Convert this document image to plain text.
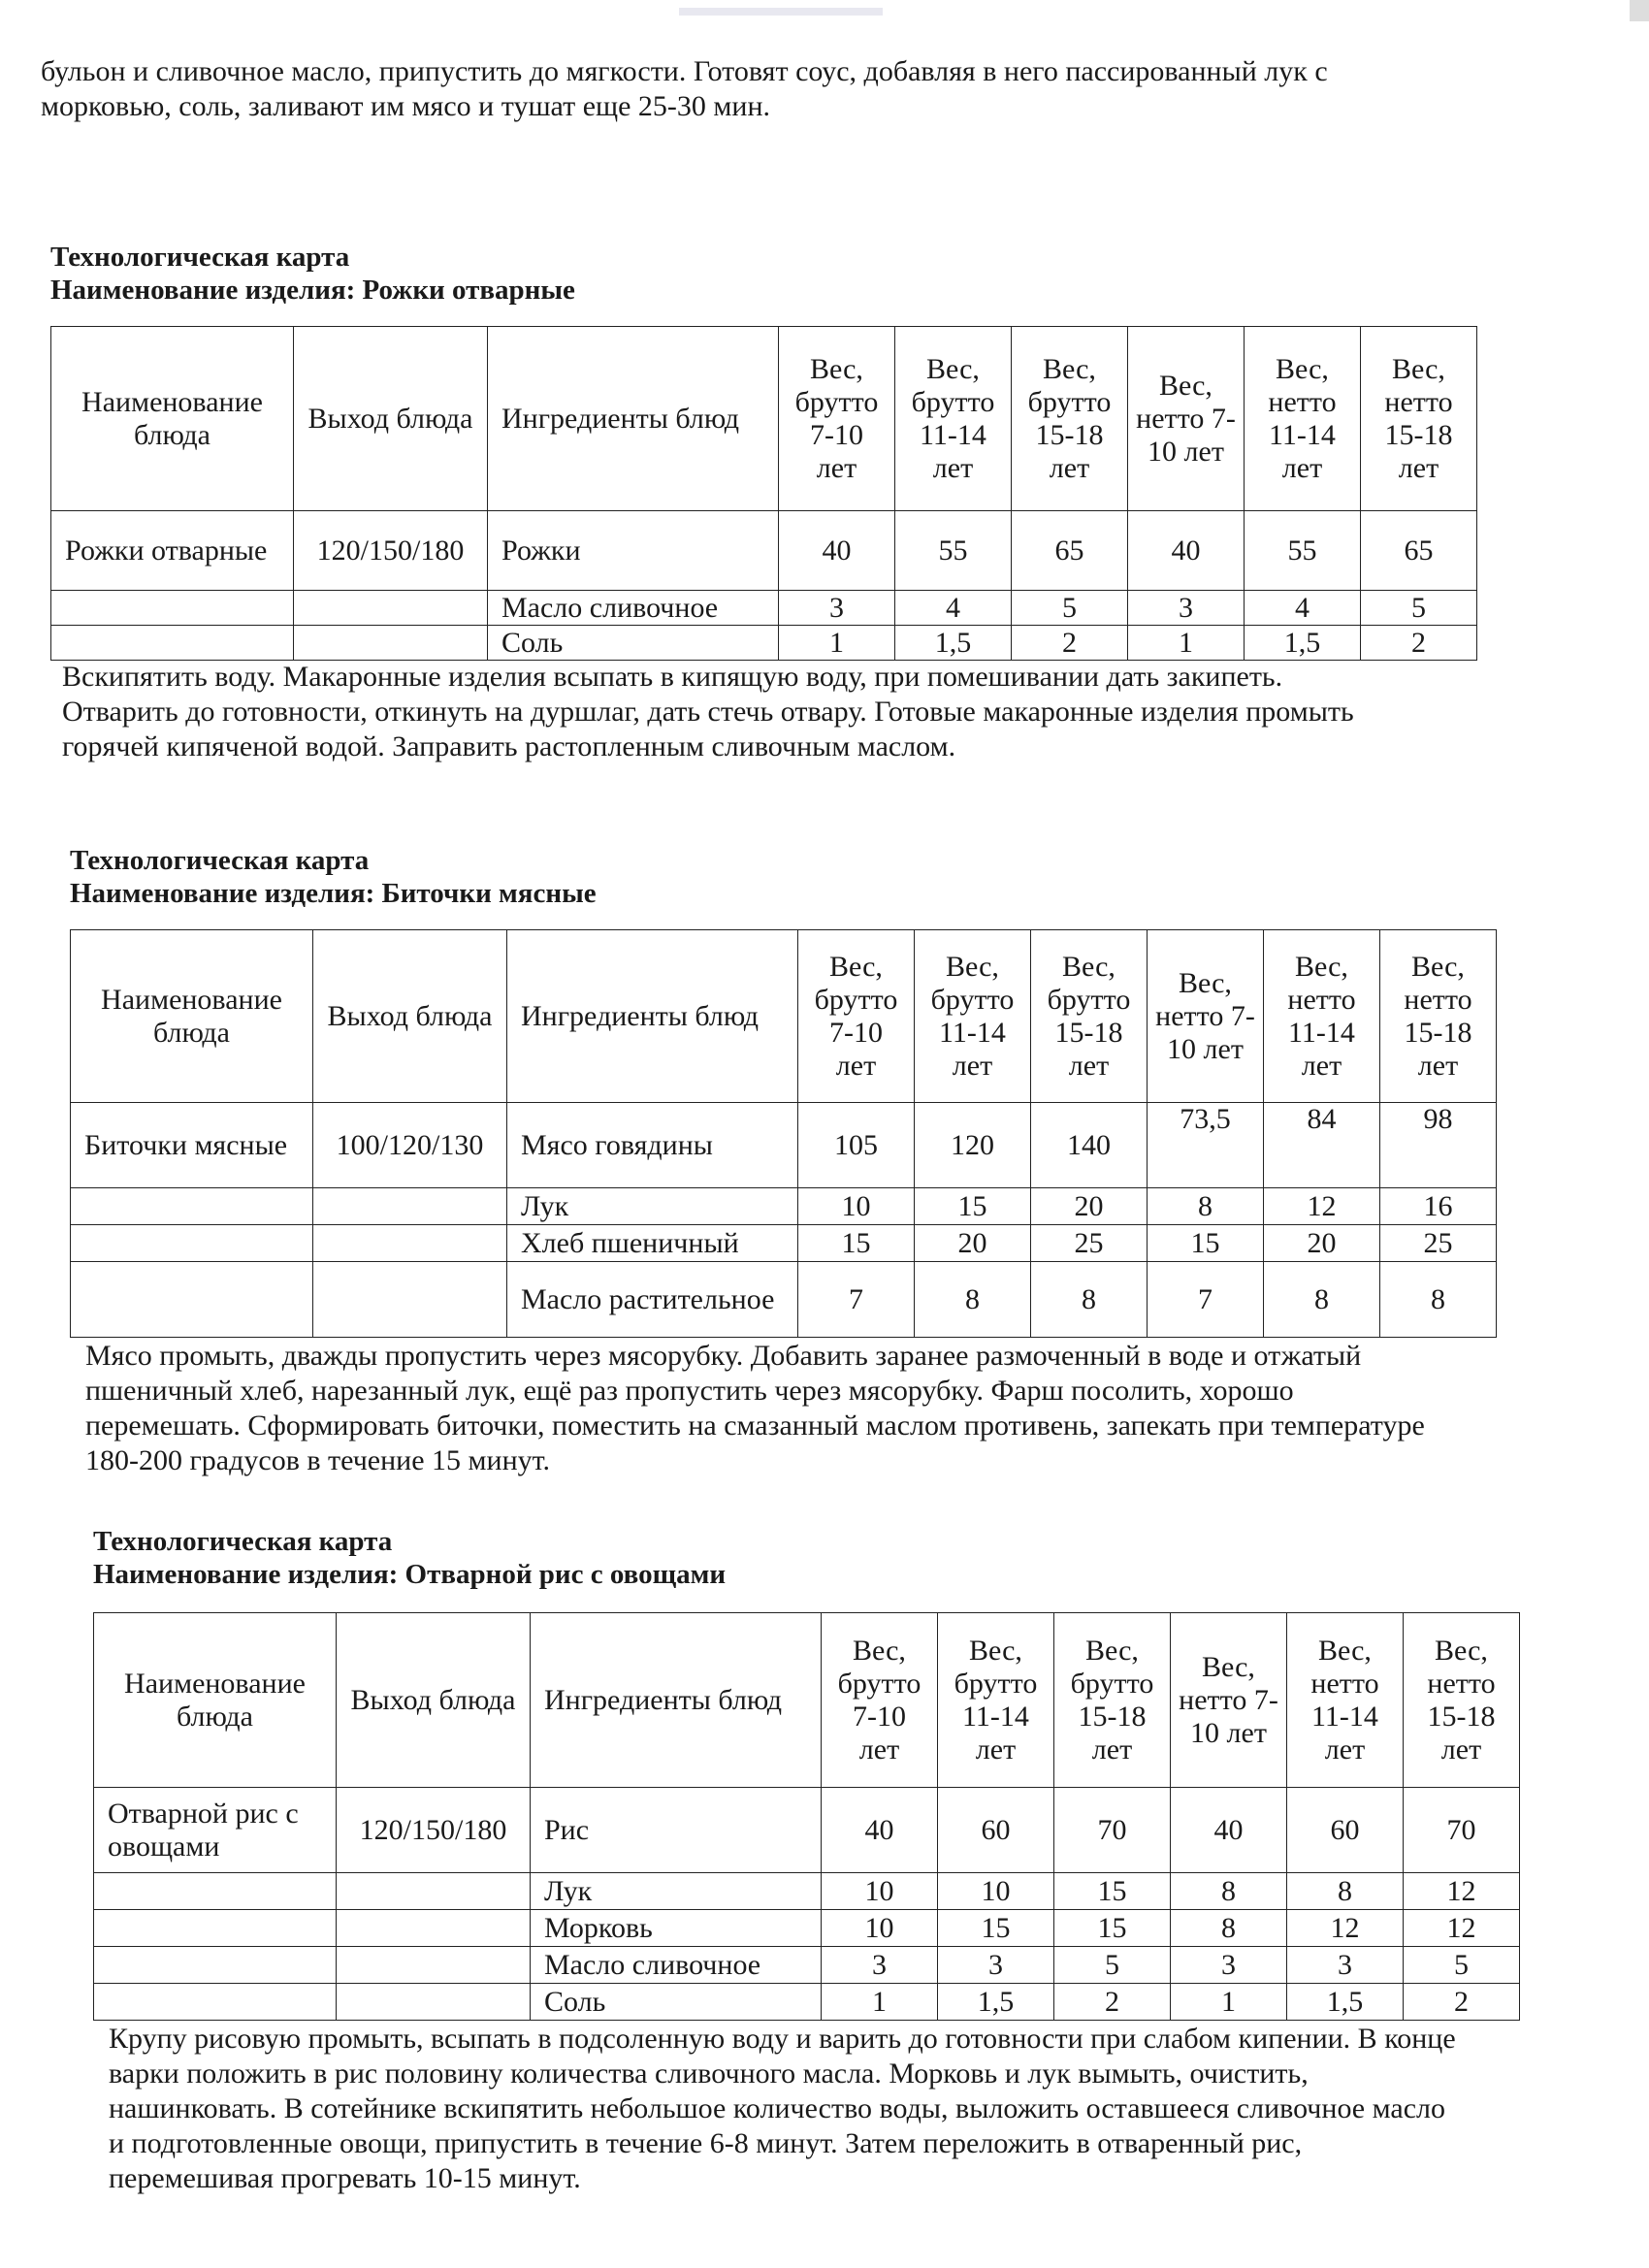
бульон и сливочное масло, припустить до мягкости. Готовят соус, добавляя в него пассированный лук с
морковью, соль, заливают им мясо и тушат еще 25-30 мин.
Технологическая карта
Наименование изделия: Рожки отварные
Наименование блюда	Выход блюда	Ингредиенты блюд	Вес, брутто 7-10 лет	Вес, брутто 11-14 лет	Вес, брутто 15-18 лет	Вес, нетто 7-10 лет	Вес, нетто 11-14 лет	Вес, нетто 15-18 лет
Рожки отварные	120/150/180	Рожки	40	55	65	40	55	65
		Масло сливочное	3	4	5	3	4	5
		Соль	1	1,5	2	1	1,5	2
Вскипятить воду. Макаронные изделия всыпать в кипящую воду, при помешивании дать закипеть.
Отварить до готовности, откинуть на дуршлаг, дать стечь отвару. Готовые макаронные изделия промыть
горячей кипяченой водой. Заправить растопленным сливочным маслом.
Технологическая карта
Наименование изделия: Биточки мясные
Наименование блюда	Выход блюда	Ингредиенты блюд	Вес, брутто 7-10 лет	Вес, брутто 11-14 лет	Вес, брутто 15-18 лет	Вес, нетто 7-10 лет	Вес, нетто 11-14 лет	Вес, нетто 15-18 лет
Биточки мясные	100/120/130	Мясо говядины	105	120	140	73,5	84	98
		Лук	10	15	20	8	12	16
		Хлеб пшеничный	15	20	25	15	20	25
		Масло растительное	7	8	8	7	8	8
Мясо промыть, дважды пропустить через мясорубку. Добавить заранее размоченный в воде и отжатый
пшеничный хлеб, нарезанный лук, ещё раз пропустить через мясорубку. Фарш посолить, хорошо
перемешать. Сформировать биточки, поместить на смазанный маслом противень, запекать при температуре
180-200 градусов в течение 15 минут.
Технологическая карта
Наименование изделия: Отварной рис с овощами
Наименование блюда	Выход блюда	Ингредиенты блюд	Вес, брутто 7-10 лет	Вес, брутто 11-14 лет	Вес, брутто 15-18 лет	Вес, нетто 7-10 лет	Вес, нетто 11-14 лет	Вес, нетто 15-18 лет
Отварной рис с овощами	120/150/180	Рис	40	60	70	40	60	70
		Лук	10	10	15	8	8	12
		Морковь	10	15	15	8	12	12
		Масло сливочное	3	3	5	3	3	5
		Соль	1	1,5	2	1	1,5	2
Крупу рисовую промыть, всыпать в подсоленную воду и варить до готовности при слабом кипении. В конце
варки положить в рис половину количества сливочного масла. Морковь и лук вымыть, очистить,
нашинковать. В сотейнике вскипятить небольшое количество воды, выложить оставшееся сливочное масло
и подготовленные овощи, припустить в течение 6-8 минут. Затем переложить в отваренный рис,
перемешивая прогревать 10-15 минут.
